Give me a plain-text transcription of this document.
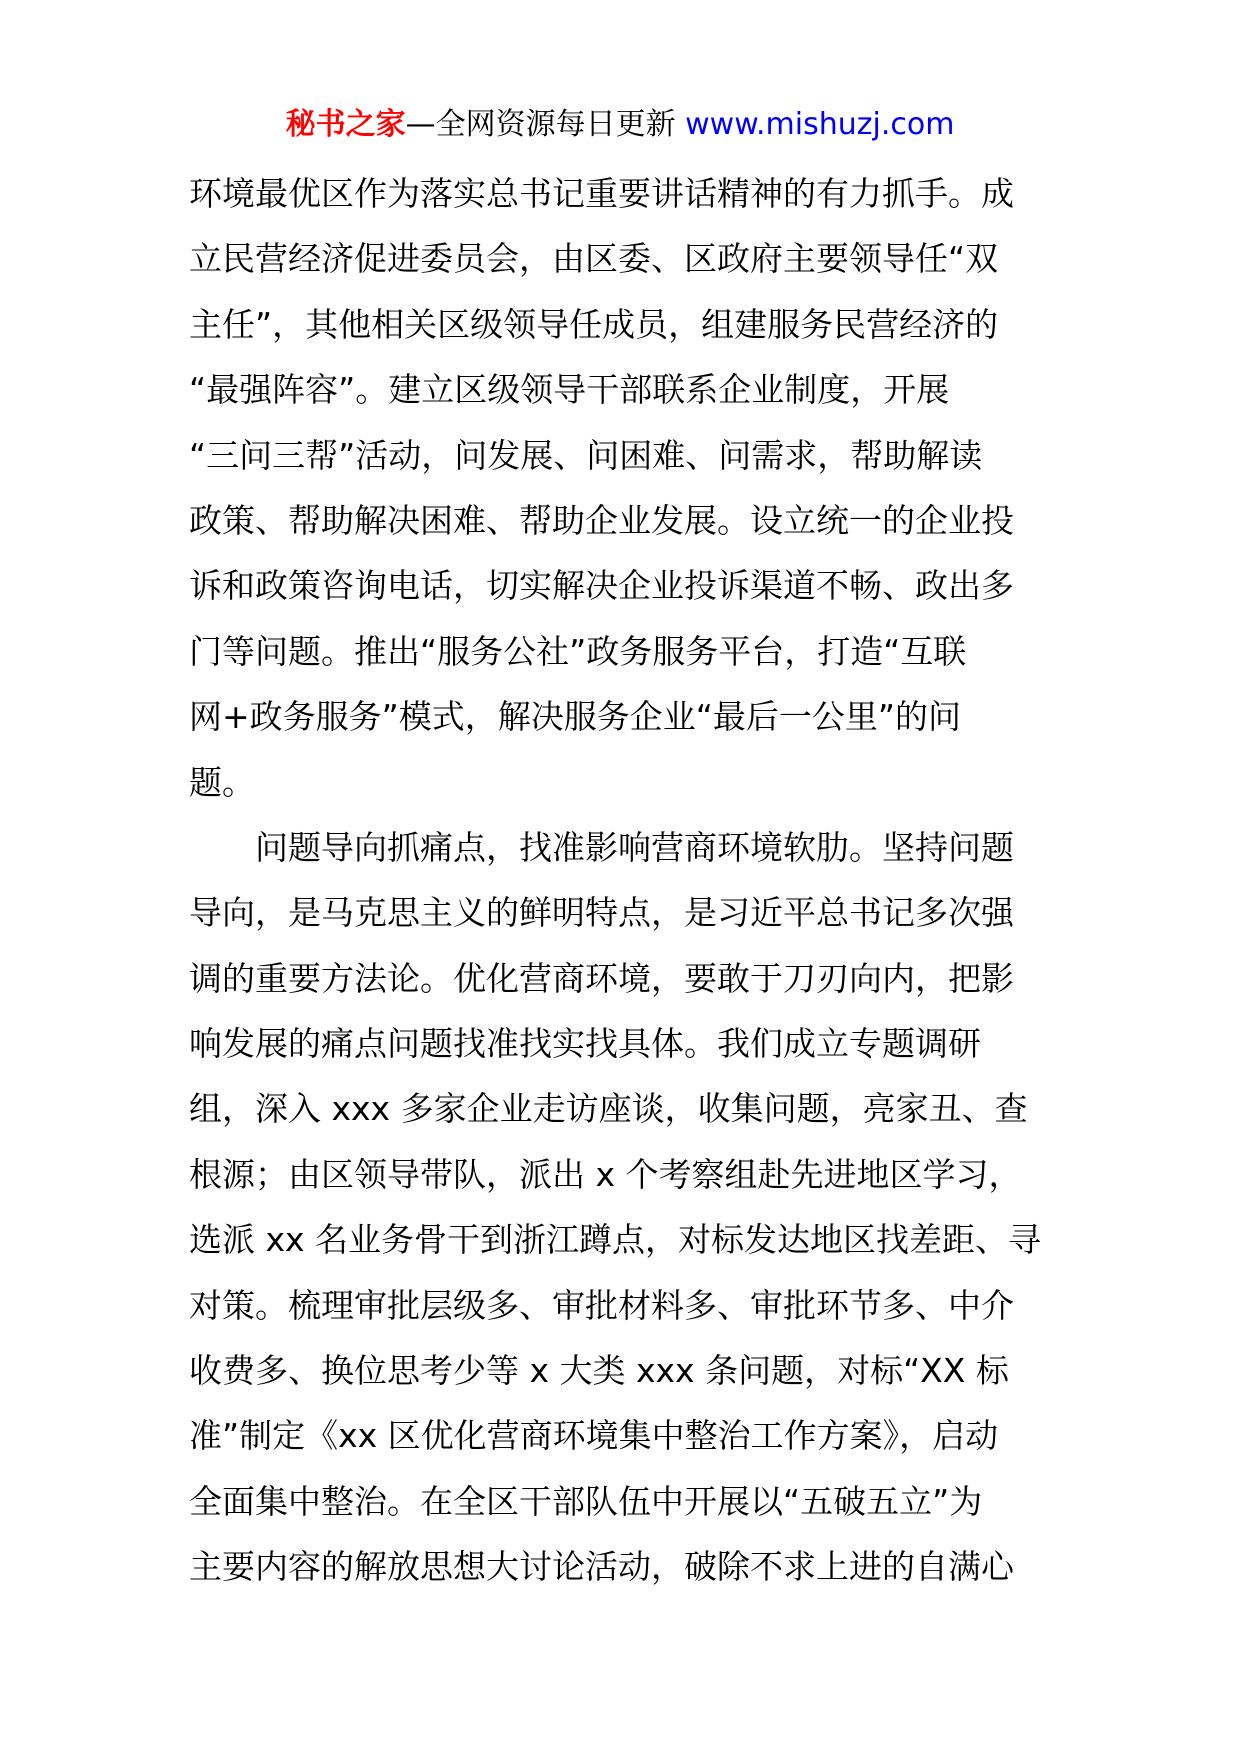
秘书之家—全网资源每日更新 www.mishuzj.com
环境最优区作为落实总书记重要讲话精神的有力抓手。成
立民营经济促进委员会，由区委、区政府主要领导任“双
主任”，其他相关区级领导任成员，组建服务民营经济的
“最强阵容”。建立区级领导干部联系企业制度，开展
“三问三帮”活动，问发展、问困难、问需求，帮助解读
政策、帮助解决困难、帮助企业发展。设立统一的企业投
诉和政策咨询电话，切实解决企业投诉渠道不畅、政出多
门等问题。推出“服务公社”政务服务平台，打造“互联
网+政务服务”模式，解决服务企业“最后一公里”的问
题。
问题导向抓痛点，找准影响营商环境软肋。坚持问题
导向，是马克思主义的鲜明特点，是习近平总书记多次强
调的重要方法论。优化营商环境，要敢于刀刃向内，把影
响发展的痛点问题找准找实找具体。我们成立专题调研
组，深入 xxx 多家企业走访座谈，收集问题，亮家丑、查
根源；由区领导带队，派出 x 个考察组赴先进地区学习，
选派 xx 名业务骨干到浙江蹲点，对标发达地区找差距、寻
对策。梳理审批层级多、审批材料多、审批环节多、中介
收费多、换位思考少等 x 大类 xxx 条问题，对标“XX 标
准”制定《xx 区优化营商环境集中整治工作方案》，启动
全面集中整治。在全区干部队伍中开展以“五破五立”为
主要内容的解放思想大讨论活动，破除不求上进的自满心
